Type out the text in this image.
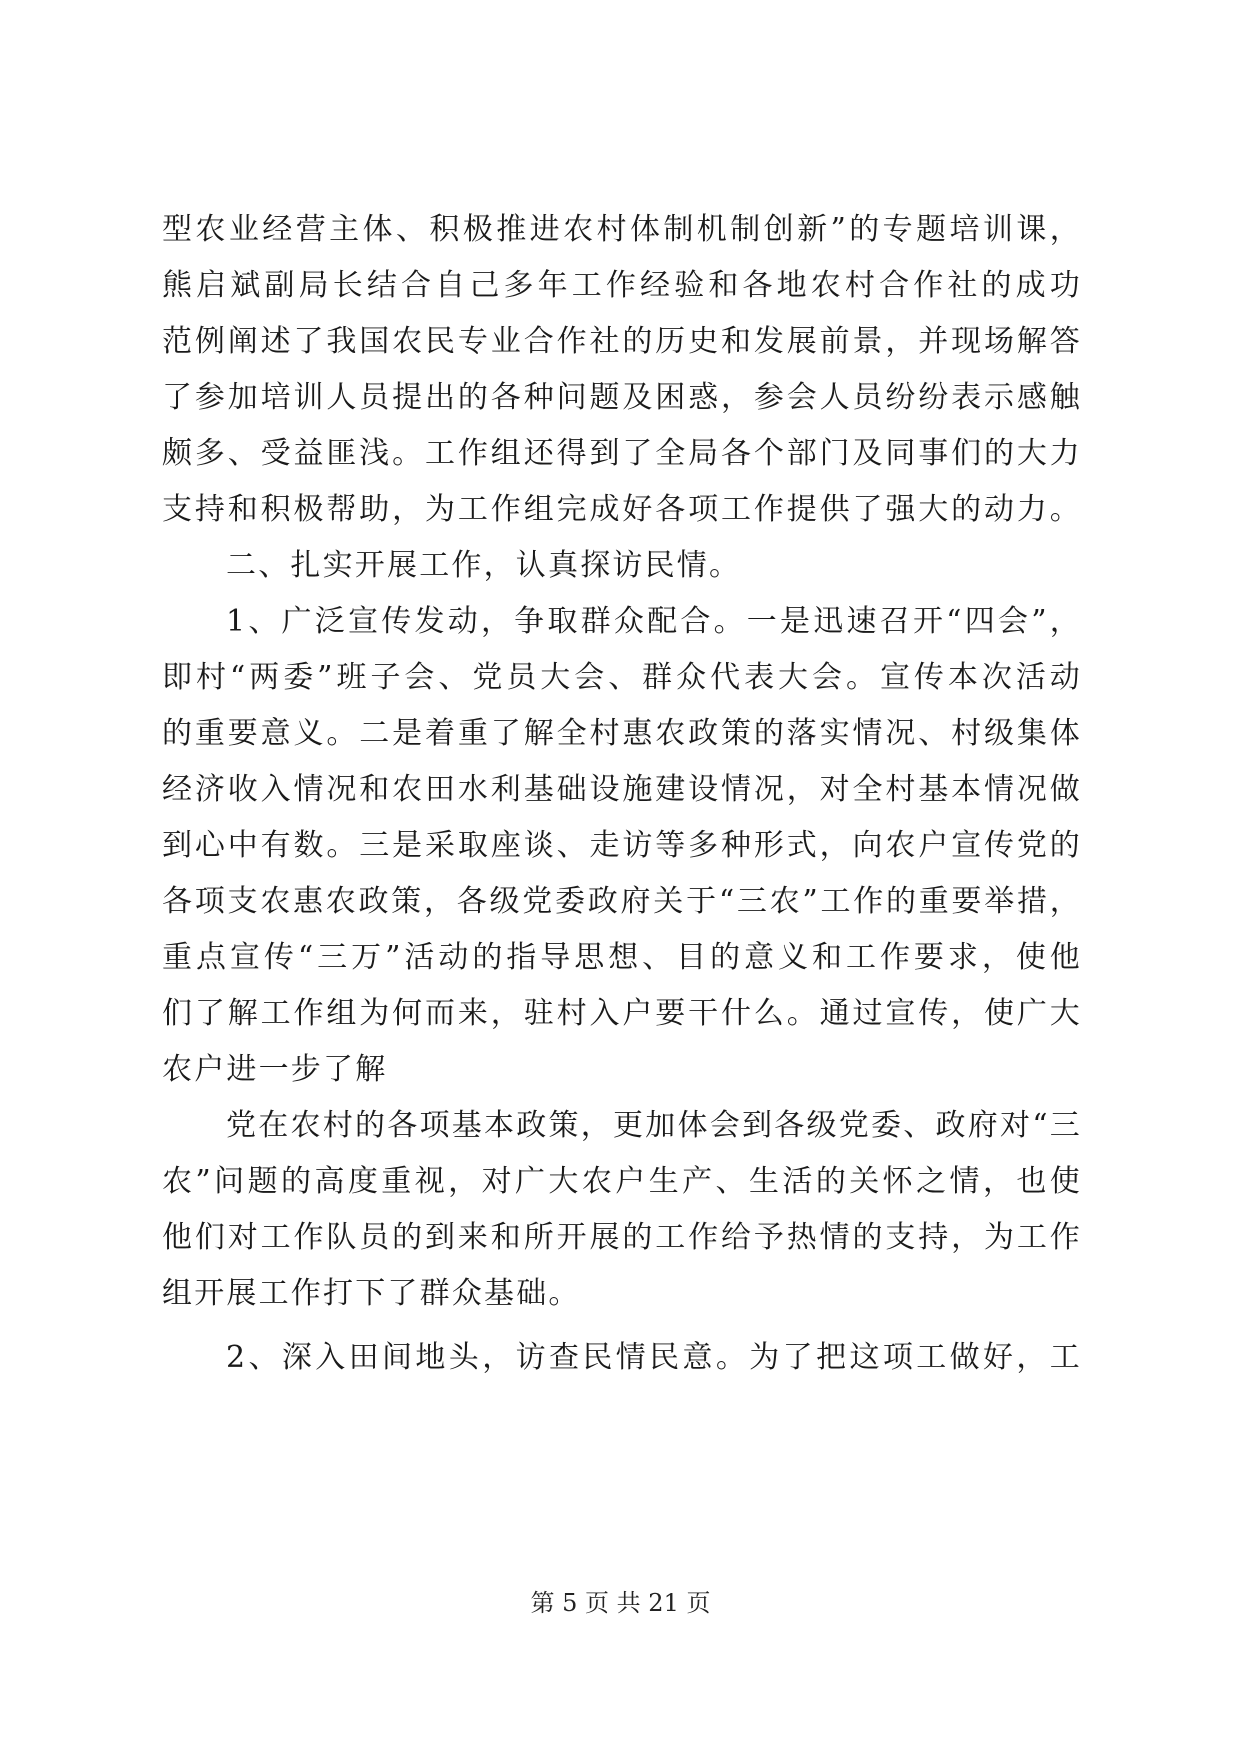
型农业经营主体、积极推进农村体制机制创新”的专题培训课，
熊启斌副局长结合自己多年工作经验和各地农村合作社的成功
范例阐述了我国农民专业合作社的历史和发展前景，并现场解答
了参加培训人员提出的各种问题及困惑，参会人员纷纷表示感触
颇多、受益匪浅。工作组还得到了全局各个部门及同事们的大力
支持和积极帮助，为工作组完成好各项工作提供了强大的动力。
二、扎实开展工作，认真探访民情。
1、广泛宣传发动，争取群众配合。一是迅速召开“四会”，
即村“两委”班子会、党员大会、群众代表大会。宣传本次活动
的重要意义。二是着重了解全村惠农政策的落实情况、村级集体
经济收入情况和农田水利基础设施建设情况，对全村基本情况做
到心中有数。三是采取座谈、走访等多种形式，向农户宣传党的
各项支农惠农政策，各级党委政府关于“三农”工作的重要举措，
重点宣传“三万”活动的指导思想、目的意义和工作要求，使他
们了解工作组为何而来，驻村入户要干什么。通过宣传，使广大
农户进一步了解
党在农村的各项基本政策，更加体会到各级党委、政府对“三
农”问题的高度重视，对广大农户生产、生活的关怀之情，也使
他们对工作队员的到来和所开展的工作给予热情的支持，为工作
组开展工作打下了群众基础。
2、深入田间地头，访查民情民意。为了把这项工做好，工
第 5 页 共 21 页
